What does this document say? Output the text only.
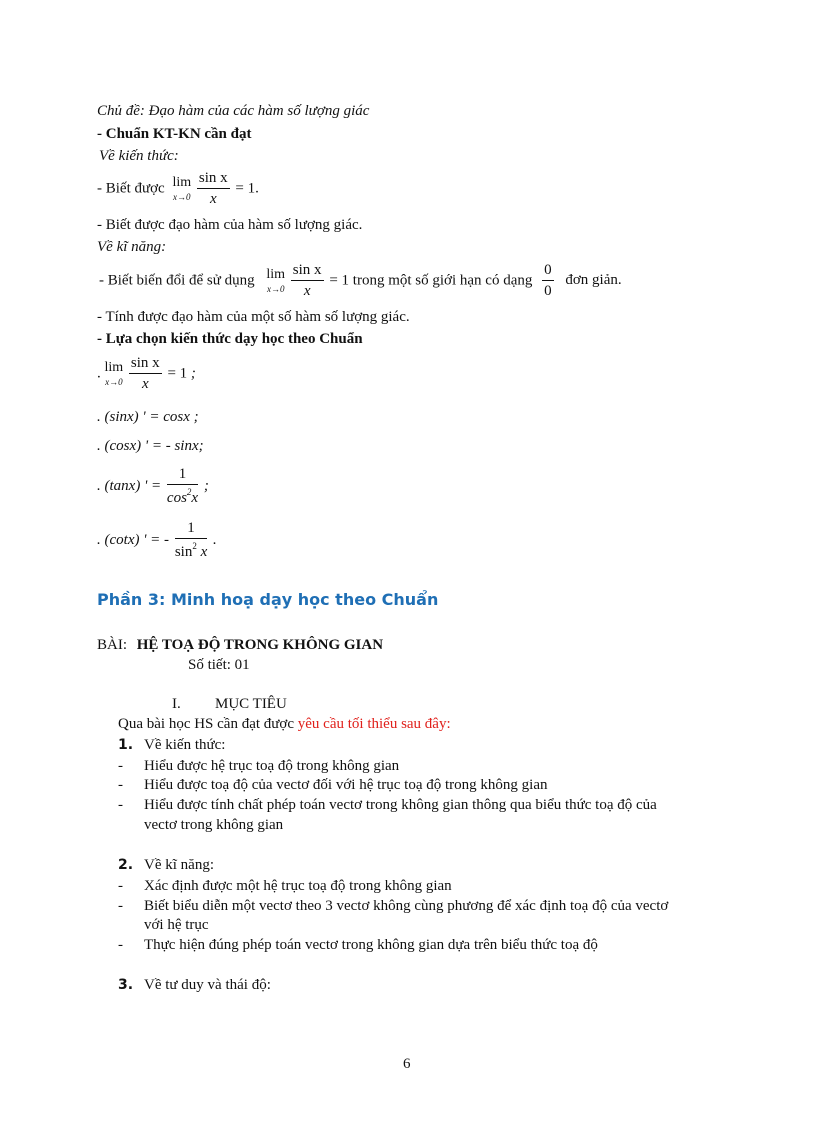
Chủ đề: Đạo hàm của các hàm số lượng giác
- Chuẩn KT-KN cần đạt
Về kiến thức:
- Biết được lim
x→0
$\frac{\text{sin x}}{x} = 1$.
- Biết được đạo hàm của hàm số lượng giác.
Về kĩ năng:
- Biết biến đổi để sử dụng lim
x→0
$\frac{\text{sin x}}{x} = 1$ trong một số giới hạn có dạng $\frac{0}{0}$ đơn giản.
- Tính được đạo hàm của một số hàm số lượng giác.
- Lựa chọn kiến thức dạy học theo Chuẩn
. lim
x→0
$\frac{\text{sin x}}{x} = 1$ ;
. (sinx) ' = cosx ;
. (cosx) ' = - sinx;
. (tanx) ' = $\frac{1}{\cos^2x}$ ;
. (cotx) ' = - $\frac{1}{\sin^2 x}$ .
Phần 3: Minh hoạ dạy học theo Chuẩn
BÀI: HỆ TOẠ ĐỘ TRONG KHÔNG GIAN
Số tiết: 01
I. MỤC TIÊU
Qua bài học HS cần đạt được yêu cầu tối thiểu sau đây:
1. Về kiến thức:
- Hiểu được hệ trục toạ độ trong không gian
- Hiểu được toạ độ của vectơ đối với hệ trục toạ độ trong không gian
- Hiểu được tính chất phép toán vectơ trong không gian thông qua biểu thức toạ độ của
vectơ trong không gian
2. Về kĩ năng:
- Xác định được một hệ trục toạ độ trong không gian
- Biết biểu diễn một vectơ theo 3 vectơ không cùng phương để xác định toạ độ của vectơ
với hệ trục
- Thực hiện đúng phép toán vectơ trong không gian dựa trên biểu thức toạ độ
3. Về tư duy và thái độ:
6
